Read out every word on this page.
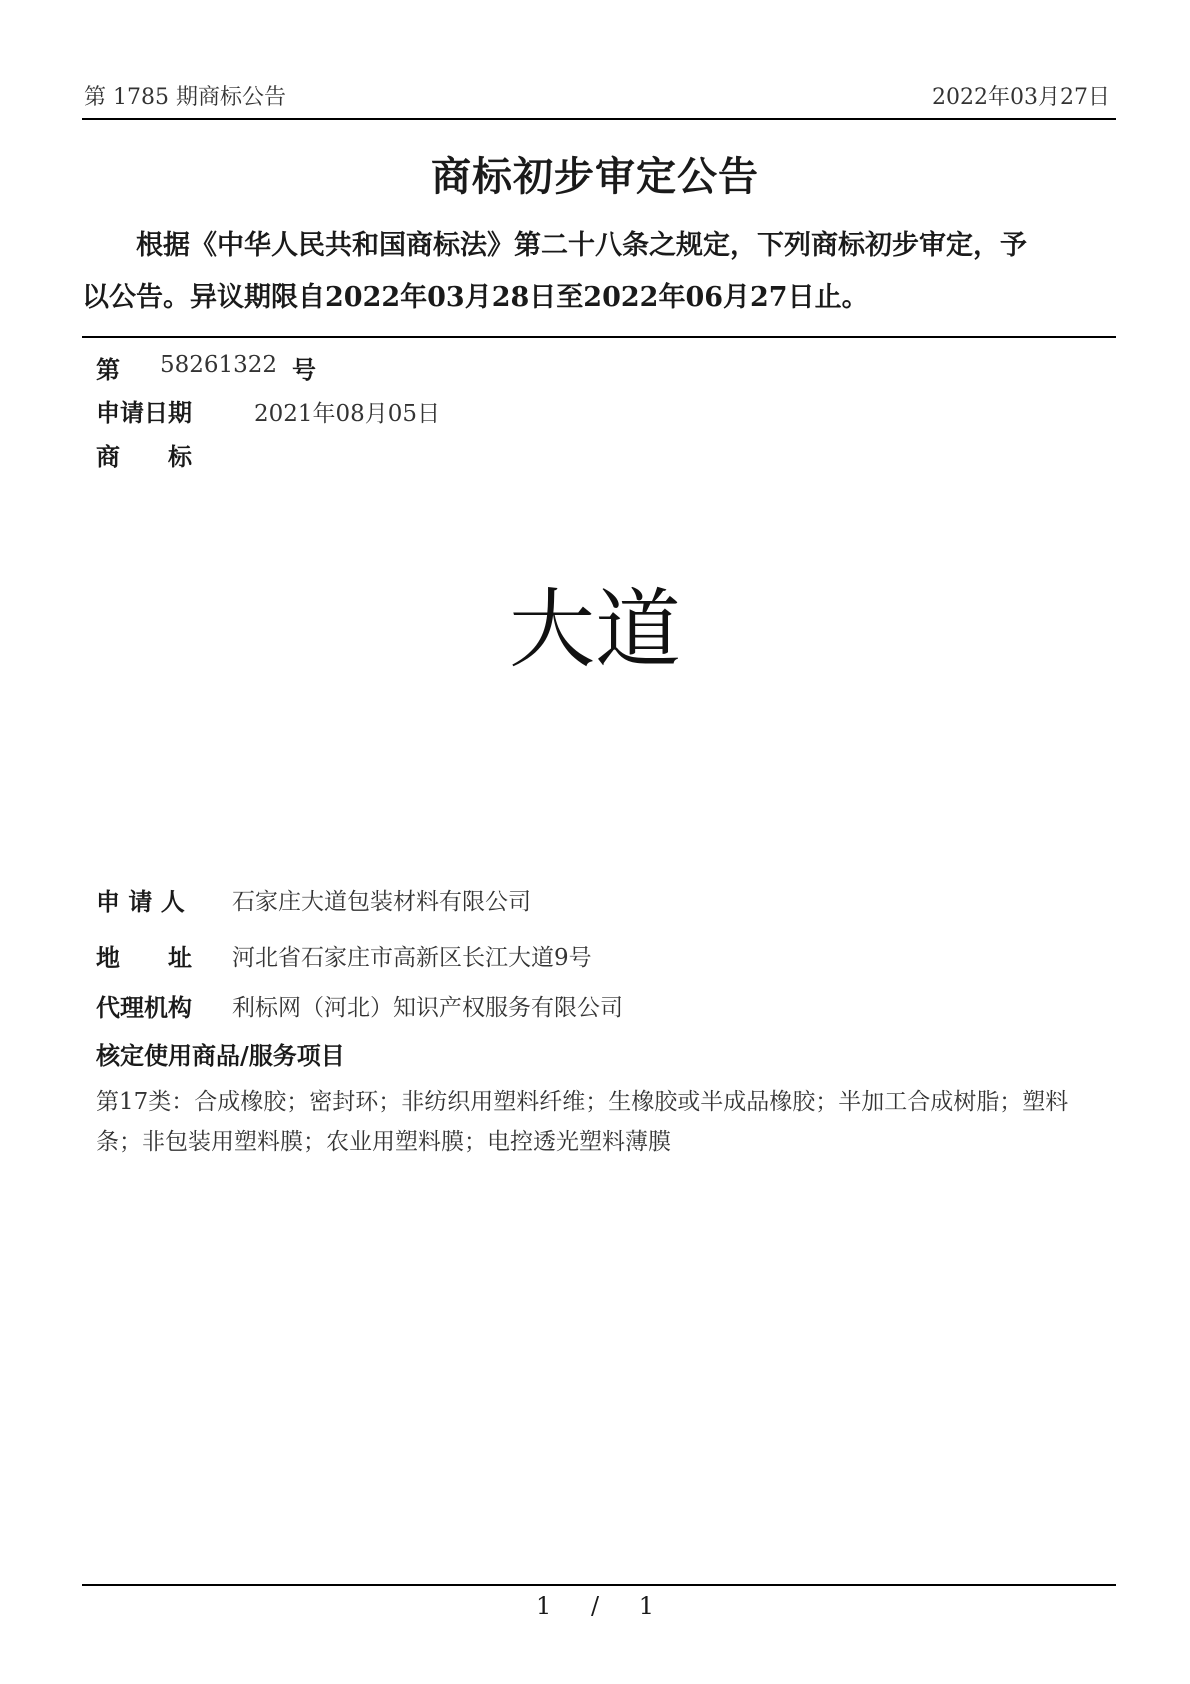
第 1785 期商标公告	2022年03月27日
商标初步审定公告
根据《中华人民共和国商标法》第二十八条之规定，下列商标初步审定，予
以公告。异议期限自2022年03月28日至2022年06月27日止。
第 58261322 号
申请日期	2021年08月05日
商　　标
大道
申 请 人 石家庄大道包装材料有限公司
地　　址 河北省石家庄市高新区长江大道9号
代理机构 利标网（河北）知识产权服务有限公司
核定使用商品/服务项目
第17类：合成橡胶；密封环；非纺织用塑料纤维；生橡胶或半成品橡胶；半加工合成树脂；塑料条；非包装用塑料膜；农业用塑料膜；电控透光塑料薄膜
1 / 1
